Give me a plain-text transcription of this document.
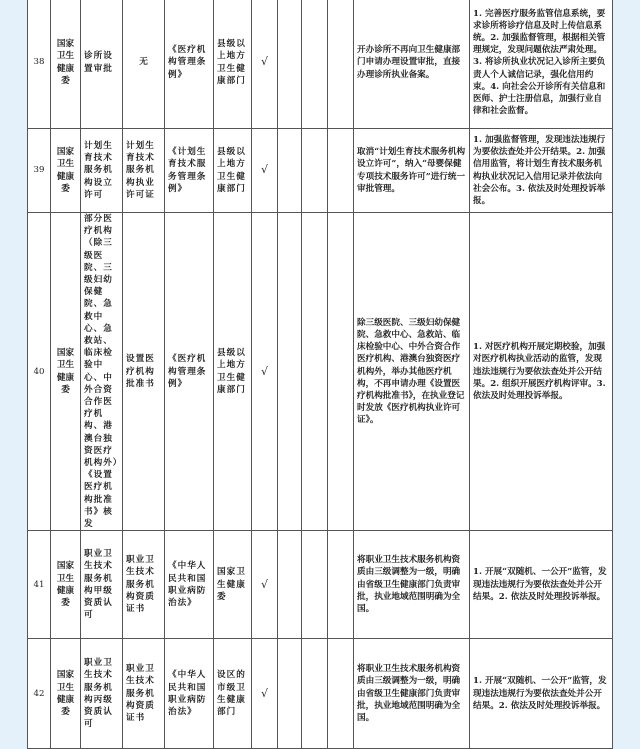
38	国家卫生健康委	诊所设置审批	无	《医疗机构管理条例》	县级以上地方卫生健康部门	√				开办诊所不再向卫生健康部门申请办理设置审批，直接办理诊所执业备案。	1. 完善医疗服务监管信息系统，要求诊所将诊疗信息及时上传信息系统。2. 加强监督管理，根据相关管理规定，发现问题依法严肃处理。3. 将诊所执业状况记入诊所主要负责人个人诚信记录，强化信用约束。4. 向社会公开诊所有关信息和医师、护士注册信息，加强行业自律和社会监督。
39	国家卫生健康委	计划生育技术服务机构设立许可	计划生育技术服务机构执业许可证	《计划生育技术服务管理条例》	县级以上地方卫生健康部门	√				取消“计划生育技术服务机构设立许可”，纳入“母婴保健专项技术服务许可”进行统一审批管理。	1. 加强监督管理，发现违法违规行为要依法查处并公开结果。2. 加强信用监管，将计划生育技术服务机构执业状况记入信用记录并依法向社会公布。3. 依法及时处理投诉举报。
40	国家卫生健康委	部分医疗机构（除三级医院、三级妇幼保健院、急救中心、急救站、临床检验中心、中外合资合作医疗机构、港澳台独资医疗机构外）《设置医疗机构批准书》核发	设置医疗机构批准书	《医疗机构管理条例》	县级以上地方卫生健康部门	√				除三级医院、三级妇幼保健院、急救中心、急救站、临床检验中心、中外合资合作医疗机构、港澳台独资医疗机构外，举办其他医疗机构，不再申请办理《设置医疗机构批准书》，在执业登记时发放《医疗机构执业许可证》。	1. 对医疗机构开展定期校验，加强对医疗机构执业活动的监管，发现违法违规行为要依法查处并公开结果。2. 组织开展医疗机构评审。3. 依法及时处理投诉举报。
41	国家卫生健康委	职业卫生技术服务机构甲级资质认可	职业卫生技术服务机构资质证书	《中华人民共和国职业病防治法》	国家卫生健康委	√				将职业卫生技术服务机构资质由三级调整为一级，明确由省级卫生健康部门负责审批，执业地域范围明确为全国。	1. 开展“双随机、一公开”监管，发现违法违规行为要依法查处并公开结果。2. 依法及时处理投诉举报。
42	国家卫生健康委	职业卫生技术服务机构丙级资质认可	职业卫生技术服务机构资质证书	《中华人民共和国职业病防治法》	设区的市级卫生健康部门	√				将职业卫生技术服务机构资质由三级调整为一级，明确由省级卫生健康部门负责审批，执业地域范围明确为全国。	1. 开展“双随机、一公开”监管，发现违法违规行为要依法查处并公开结果。2. 依法及时处理投诉举报。
